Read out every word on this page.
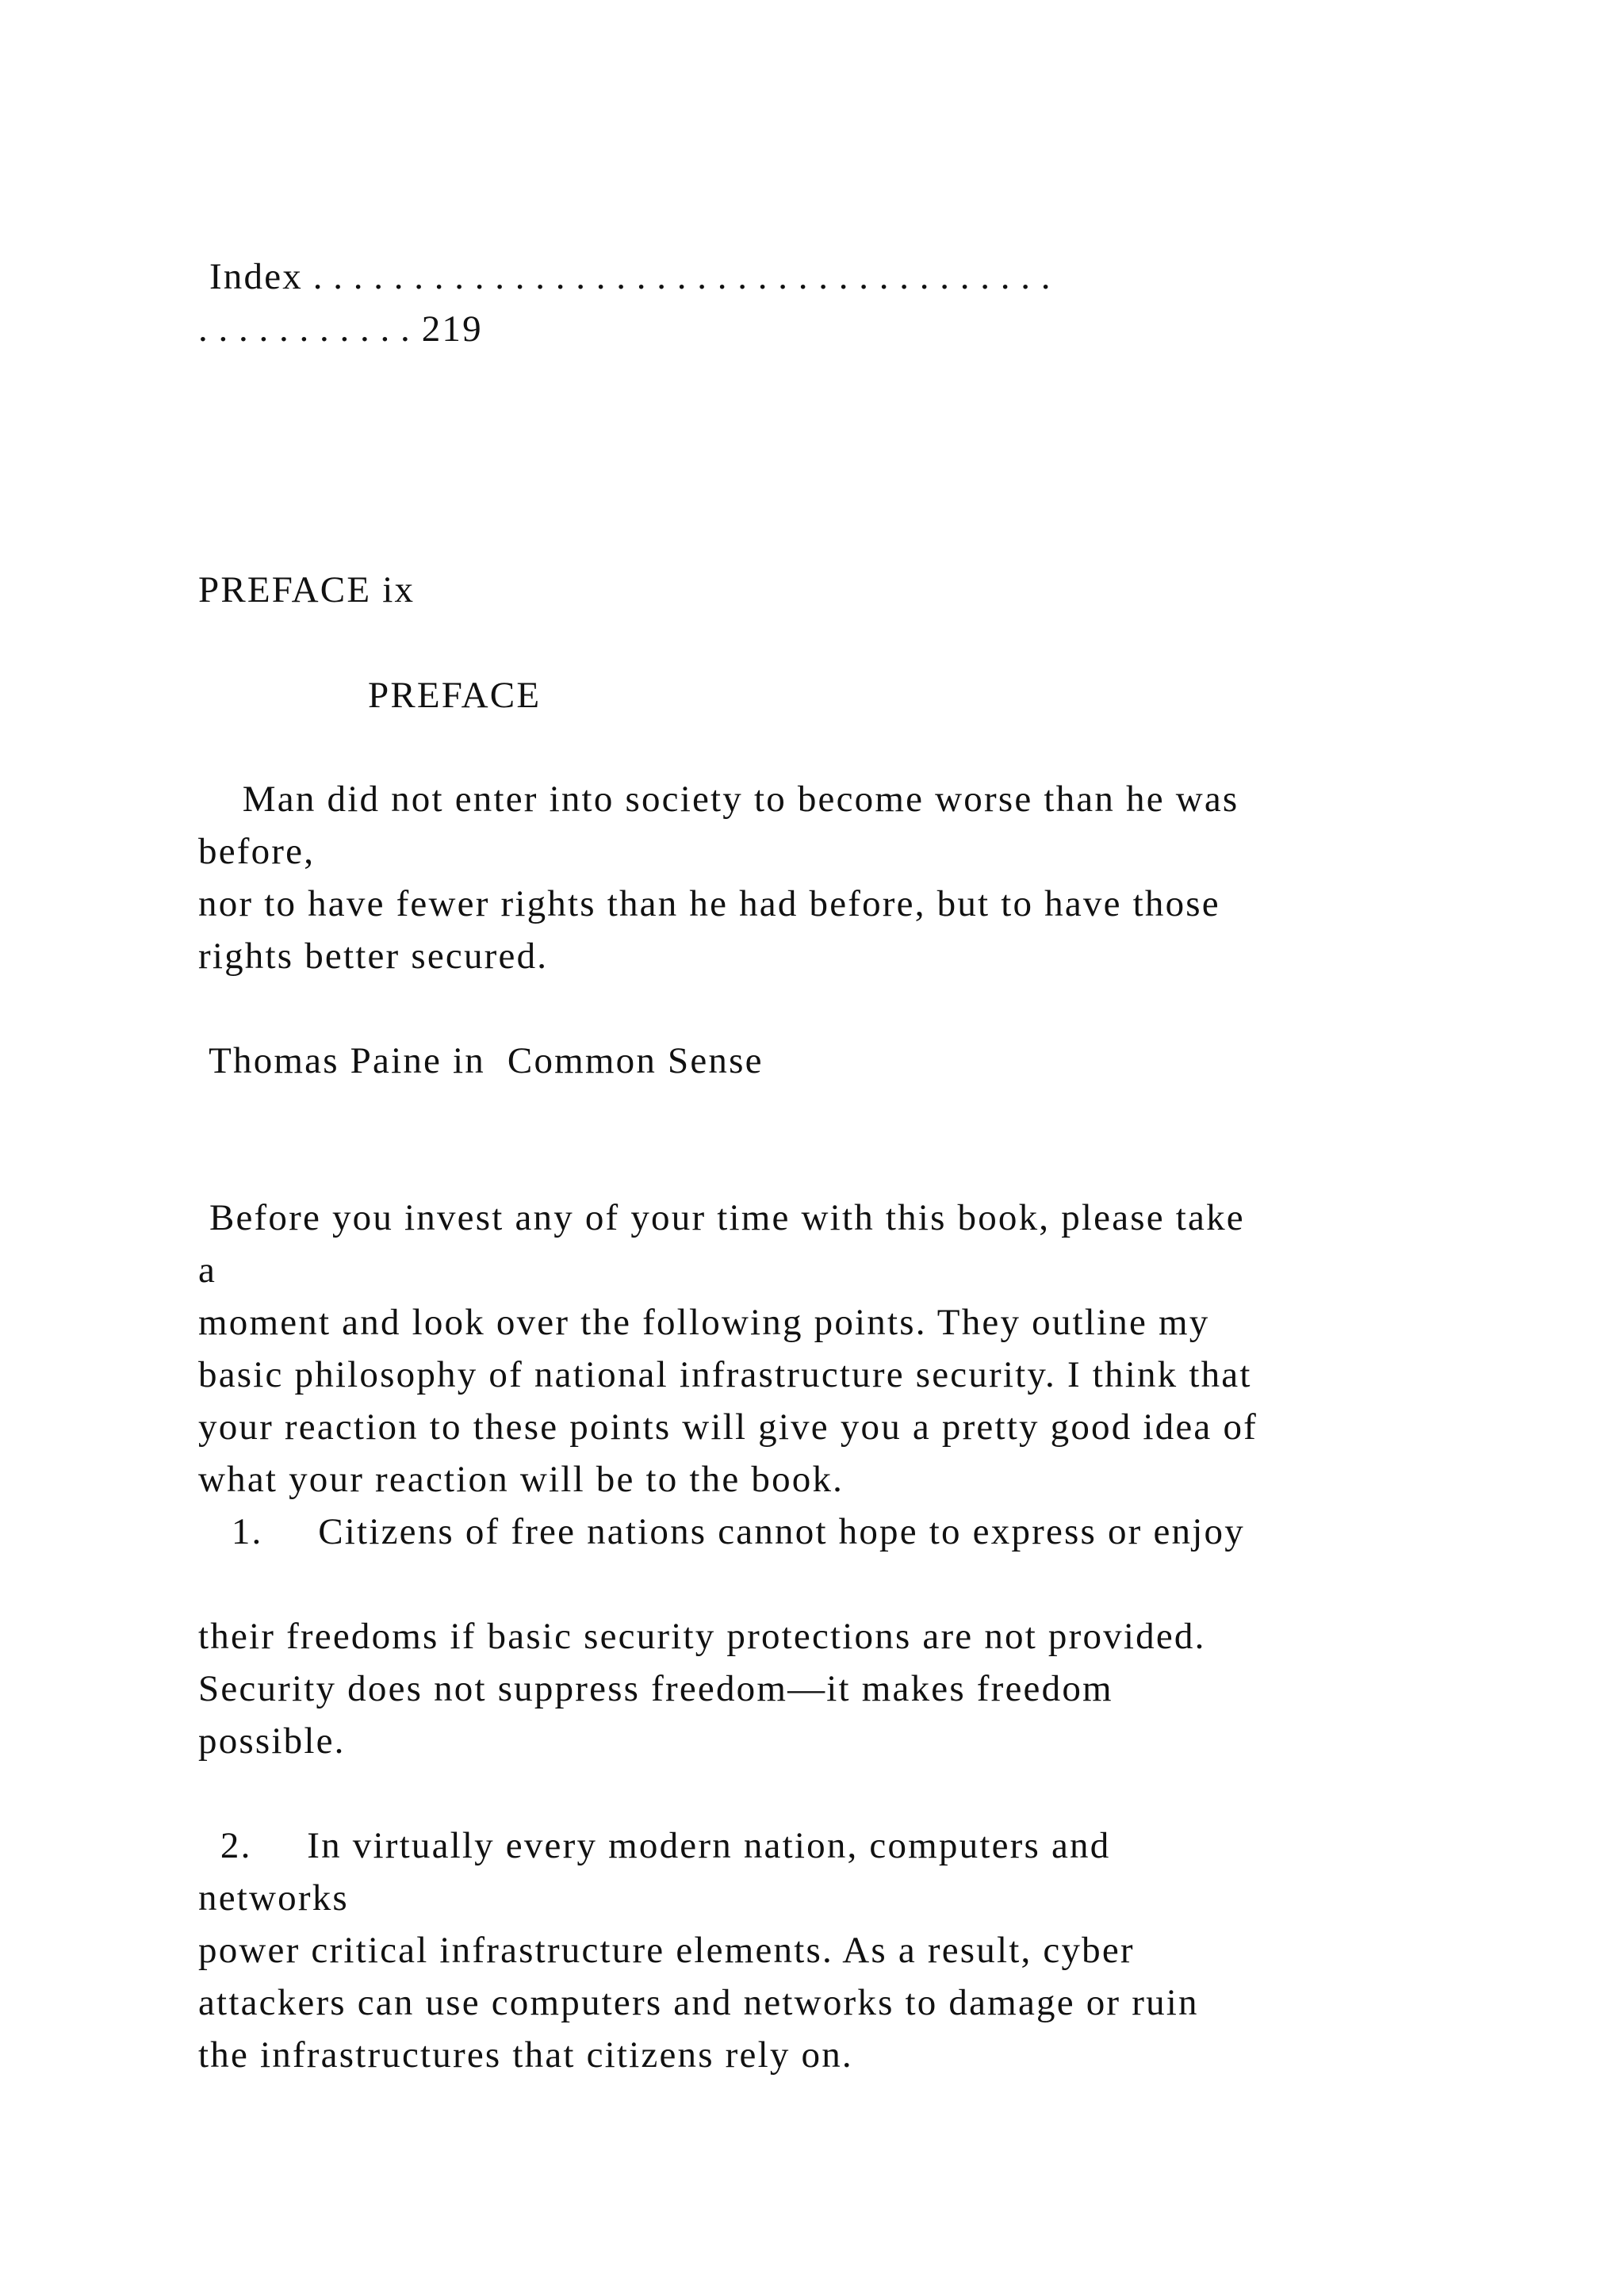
Index . . . . . . . . . . . . . . . . . . . . . . . . . . . . . . . . . . . . .

. . . . . . . . . . . 219

PREFACE ix

PREFACE

Man did not enter into society to become worse than he was

before,

nor to have fewer rights than he had before, but to have those

rights better secured.

Thomas Paine in  Common Sense

Before you invest any of your time with this book, please take

a

moment and look over the following points. They outline my

basic philosophy of national infrastructure security. I think that

your reaction to these points will give you a pretty good idea of

what your reaction will be to the book.

1.     Citizens of free nations cannot hope to express or enjoy

their freedoms if basic security protections are not provided.

Security does not suppress freedom—it makes freedom

possible.

2.     In virtually every modern nation, computers and

networks

power critical infrastructure elements. As a result, cyber

attackers can use computers and networks to damage or ruin

the infrastructures that citizens rely on.
